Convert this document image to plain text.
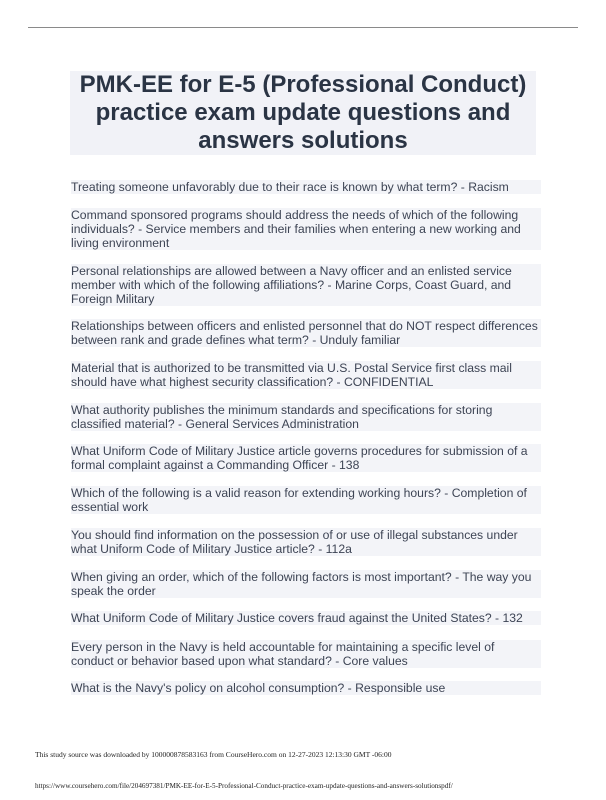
PMK-EE for E-5 (Professional Conduct) practice exam update questions and answers solutions
Treating someone unfavorably due to their race is known by what term? - Racism
Command sponsored programs should address the needs of which of the following individuals? - Service members and their families when entering a new working and living environment
Personal relationships are allowed between a Navy officer and an enlisted service member with which of the following affiliations? - Marine Corps, Coast Guard, and Foreign Military
Relationships between officers and enlisted personnel that do NOT respect differences between rank and grade defines what term? - Unduly familiar
Material that is authorized to be transmitted via U.S. Postal Service first class mail should have what highest security classification? - CONFIDENTIAL
What authority publishes the minimum standards and specifications for storing classified material? - General Services Administration
What Uniform Code of Military Justice article governs procedures for submission of a formal complaint against a Commanding Officer - 138
Which of the following is a valid reason for extending working hours? - Completion of essential work
You should find information on the possession of or use of illegal substances under what Uniform Code of Military Justice article? - 112a
When giving an order, which of the following factors is most important? - The way you speak the order
What Uniform Code of Military Justice covers fraud against the United States? - 132
Every person in the Navy is held accountable for maintaining a specific level of conduct or behavior based upon what standard? - Core values
What is the Navy's policy on alcohol consumption? - Responsible use
This study source was downloaded by 100000878583163 from CourseHero.com on 12-27-2023 12:13:30 GMT -06:00
https://www.coursehero.com/file/204697381/PMK-EE-for-E-5-Professional-Conduct-practice-exam-update-questions-and-answers-solutionspdf/
